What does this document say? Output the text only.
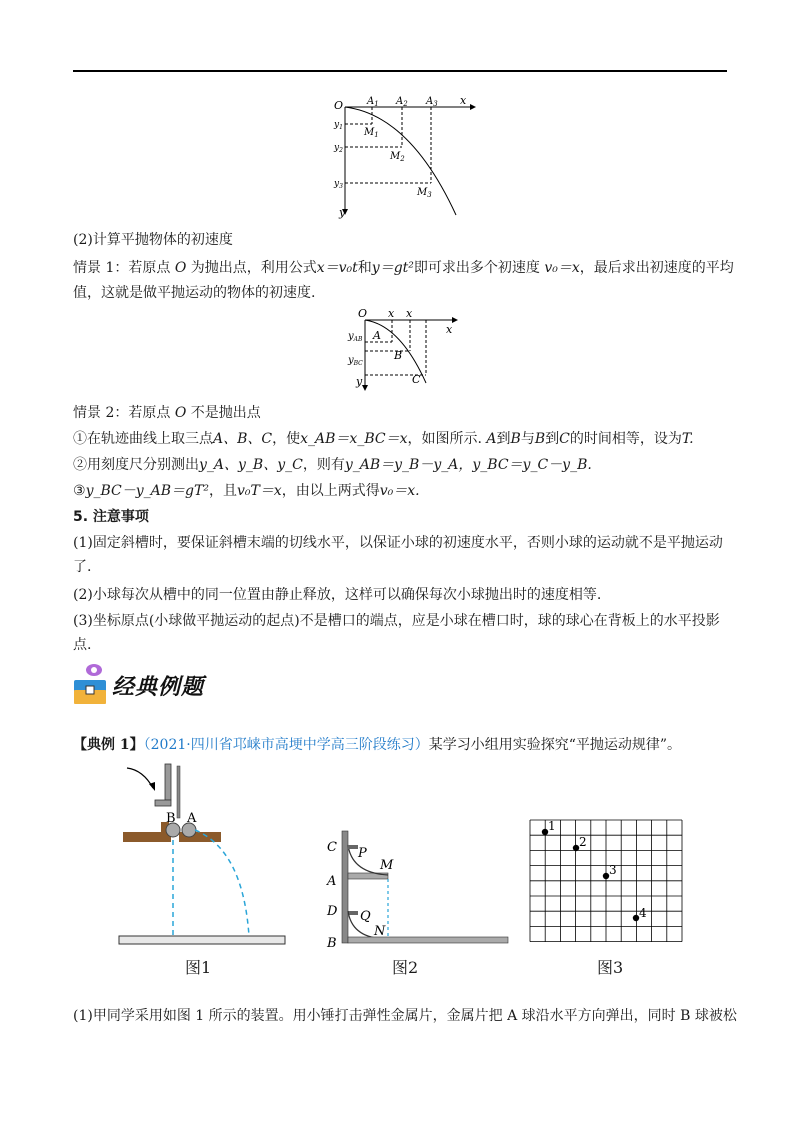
O	x
y
$A_1$ $A_2$ $A_3$
$y_1$
$y_2$
$y_3$
$M_1$
$M_2$
$M_3$
(2)计算平抛物体的初速度
情景 1：若原点 O 为抛出点，利用公式x＝v₀t和y＝gt²即可求出多个初速度 v₀＝x，最后求出初速度的平均
值，这就是做平抛运动的物体的初速度.
O x x
x
y
$y_{AB}$
$y_{BC}$
A
B
C
情景 2：若原点 O 不是抛出点
①在轨迹曲线上取三点A、B、C，使x_AB＝x_BC＝x，如图所示. A到B与B到C的时间相等，设为T.
②用刻度尺分别测出y_A、y_B、y_C，则有y_AB＝y_B－y_A，y_BC＝y_C－y_B.
③y_BC－y_AB＝gT²，且v₀T＝x，由以上两式得v₀＝x.
5. 注意事项
(1)固定斜槽时，要保证斜槽末端的切线水平，以保证小球的初速度水平，否则小球的运动就不是平抛运动了.
(2)小球每次从槽中的同一位置由静止释放，这样可以确保每次小球抛出时的速度相等.
(3)坐标原点(小球做平抛运动的起点)不是槽口的端点，应是小球在槽口时，球的球心在背板上的水平投影点.
经典例题
【典例 1】（2021·四川省邛崃市高埂中学高三阶段练习）某学习小组用实验探究“平抛运动规律”。
B A
图1
C P
M
A
D Q
N
B
图2
1
2
3
4
图3
(1)甲同学采用如图 1 所示的装置。用小锤打击弹性金属片，金属片把 A 球沿水平方向弹出，同时 B 球被松
